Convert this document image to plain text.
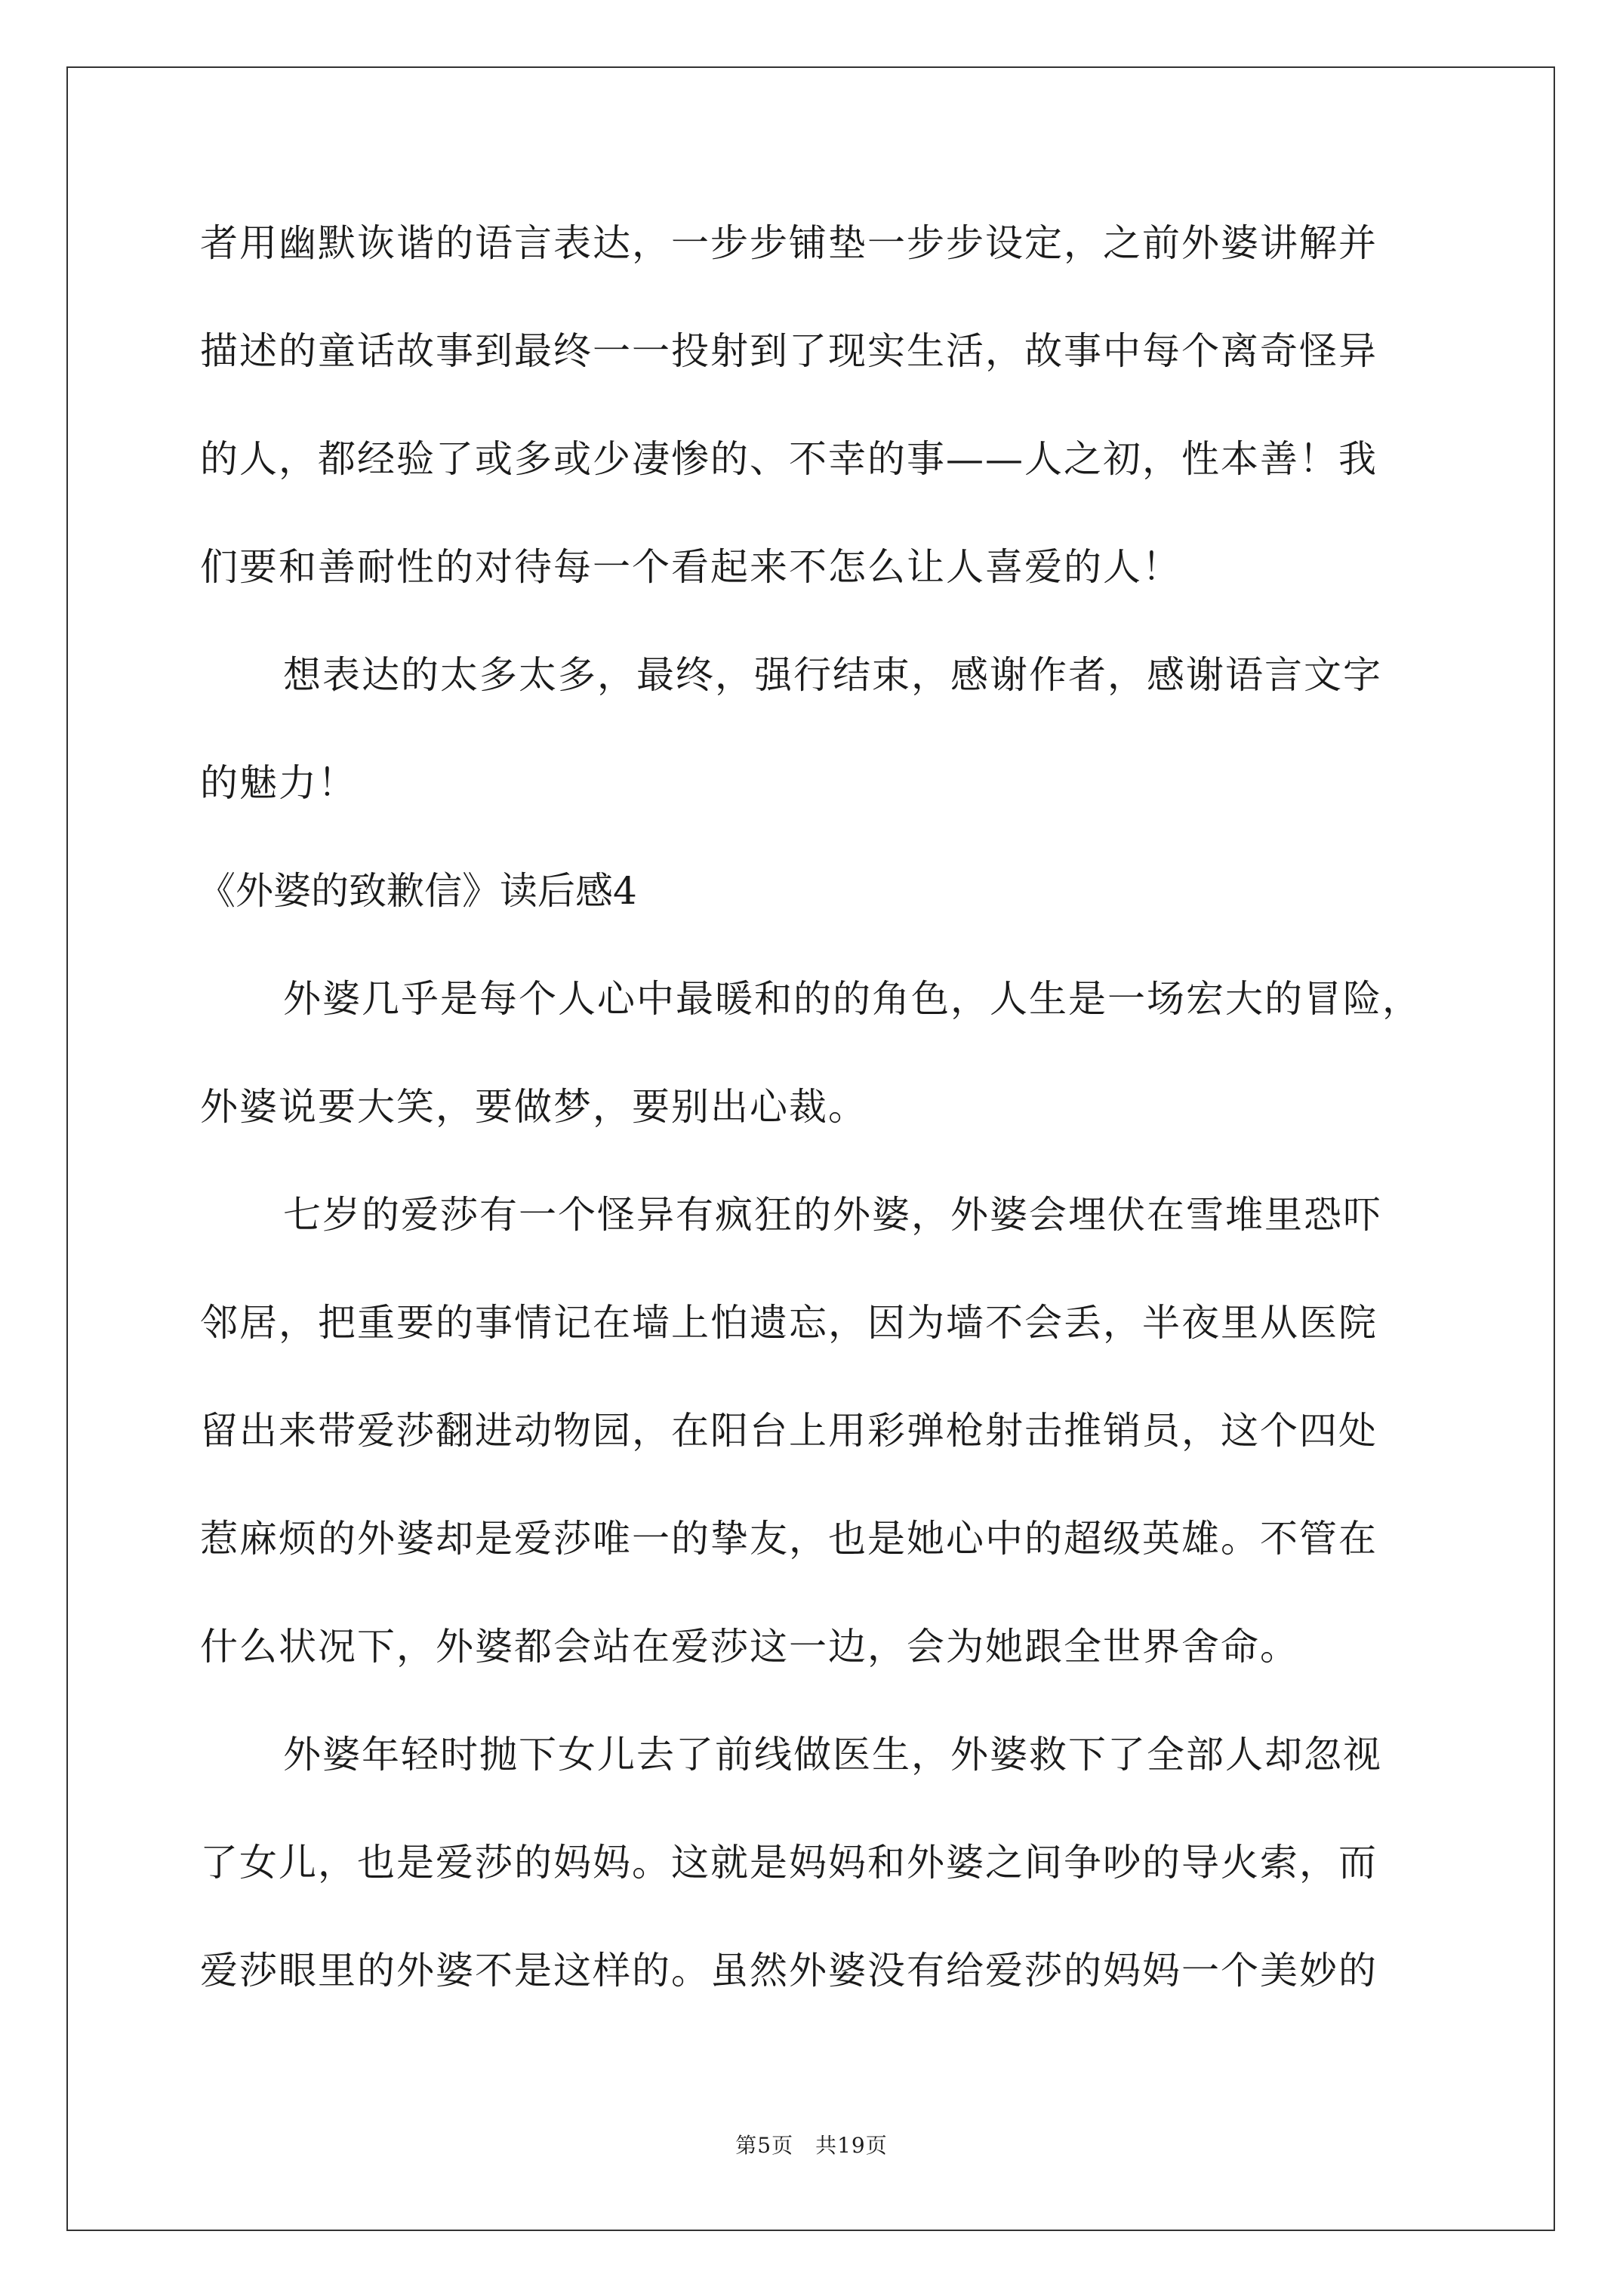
者用幽默诙谐的语言表达，一步步铺垫一步步设定，之前外婆讲解并
描述的童话故事到最终一一投射到了现实生活，故事中每个离奇怪异
的人，都经验了或多或少凄惨的、不幸的事——人之初，性本善！我
们要和善耐性的对待每一个看起来不怎么让人喜爱的人！
想表达的太多太多，最终，强行结束，感谢作者，感谢语言文字
的魅力！
《外婆的致歉信》读后感4
外婆几乎是每个人心中最暖和的的角色，人生是一场宏大的冒险，
外婆说要大笑，要做梦，要别出心裁。
七岁的爱莎有一个怪异有疯狂的外婆，外婆会埋伏在雪堆里恐吓
邻居，把重要的事情记在墙上怕遗忘，因为墙不会丢，半夜里从医院
留出来带爱莎翻进动物园，在阳台上用彩弹枪射击推销员，这个四处
惹麻烦的外婆却是爱莎唯一的挚友，也是她心中的超级英雄。不管在
什么状况下，外婆都会站在爱莎这一边，会为她跟全世界舍命。
外婆年轻时抛下女儿去了前线做医生，外婆救下了全部人却忽视
了女儿，也是爱莎的妈妈。这就是妈妈和外婆之间争吵的导火索，而
爱莎眼里的外婆不是这样的。虽然外婆没有给爱莎的妈妈一个美妙的
第5页　共19页
